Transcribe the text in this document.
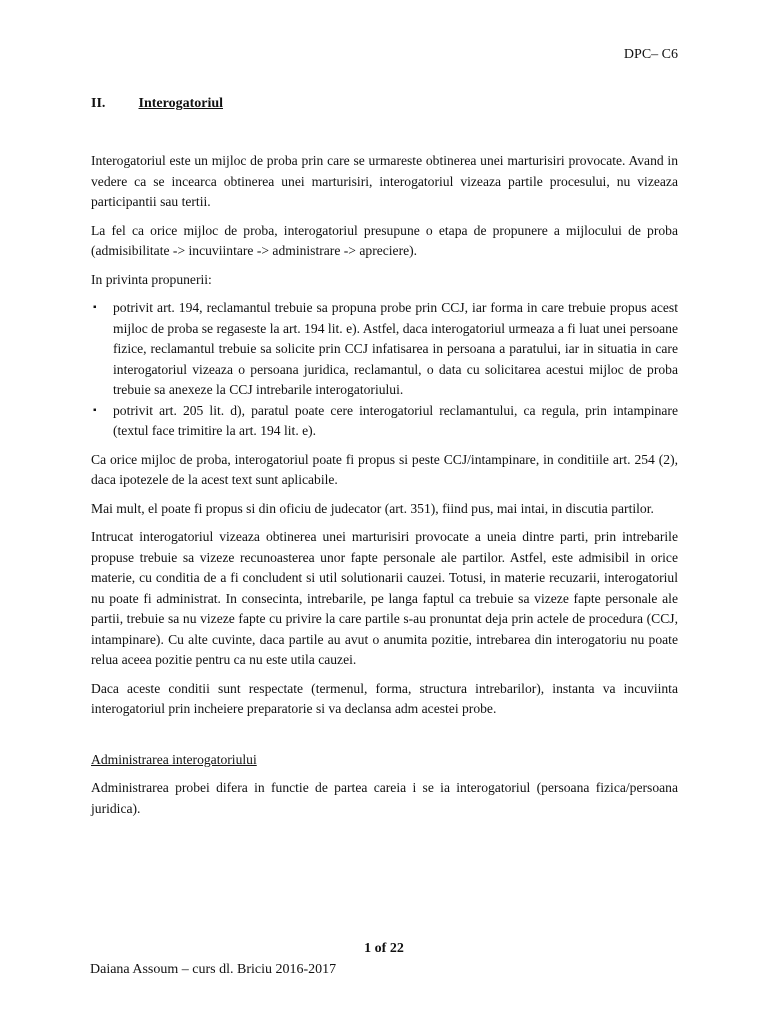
DPC– C6
II. Interogatoriul

Interogatoriul este un mijloc de proba prin care se urmareste obtinerea unei marturisiri provocate. Avand in vedere ca se incearca obtinerea unei marturisiri, interogatoriul vizeaza partile procesului, nu vizeaza participantii sau tertii.

La fel ca orice mijloc de proba, interogatoriul presupune o etapa de propunere a mijlocului de proba (admisibilitate -> incuviintare -> administrare -> apreciere).

In privinta propunerii:

▪ potrivit art. 194, reclamantul trebuie sa propuna probe prin CCJ, iar forma in care trebuie propus acest mijloc de proba se regaseste la art. 194 lit. e). Astfel, daca interogatoriul urmeaza a fi luat unei persoane fizice, reclamantul trebuie sa solicite prin CCJ infatisarea in persoana a paratului, iar in situatia in care interogatoriul vizeaza o persoana juridica, reclamantul, o data cu solicitarea acestui mijloc de proba trebuie sa anexeze la CCJ intrebarile interogatoriului.
▪ potrivit art. 205 lit. d), paratul poate cere interogatoriul reclamantului, ca regula, prin intampinare (textul face trimitire la art. 194 lit. e).

Ca orice mijloc de proba, interogatoriul poate fi propus si peste CCJ/intampinare, in conditiile art. 254 (2), daca ipotezele de la acest text sunt aplicabile.

Mai mult, el poate fi propus si din oficiu de judecator (art. 351), fiind pus, mai intai, in discutia partilor.

Intrucat interogatoriul vizeaza obtinerea unei marturisiri provocate a uneia dintre parti, prin intrebarile propuse trebuie sa vizeze recunoasterea unor fapte personale ale partilor. Astfel, este admisibil in orice materie, cu conditia de a fi concludent si util solutionarii cauzei. Totusi, in materie recuzarii, interogatoriul nu poate fi administrat. In consecinta, intrebarile, pe langa faptul ca trebuie sa vizeze fapte personale ale partii, trebuie sa nu vizeze fapte cu privire la care partile s-au pronuntat deja prin actele de procedura (CCJ, intampinare). Cu alte cuvinte, daca partile au avut o anumita pozitie, intrebarea din interogatoriu nu poate relua aceea pozitie pentru ca nu este utila cauzei.

Daca aceste conditii sunt respectate (termenul, forma, structura intrebarilor), instanta va incuviinta interogatoriul prin incheiere preparatorie si va declansa adm acestei probe.

Administrarea interogatoriului

Administrarea probei difera in functie de partea careia i se ia interogatoriul (persoana fizica/persoana juridica).

1 of 22
Daiana Assoum – curs dl. Briciu 2016-2017
